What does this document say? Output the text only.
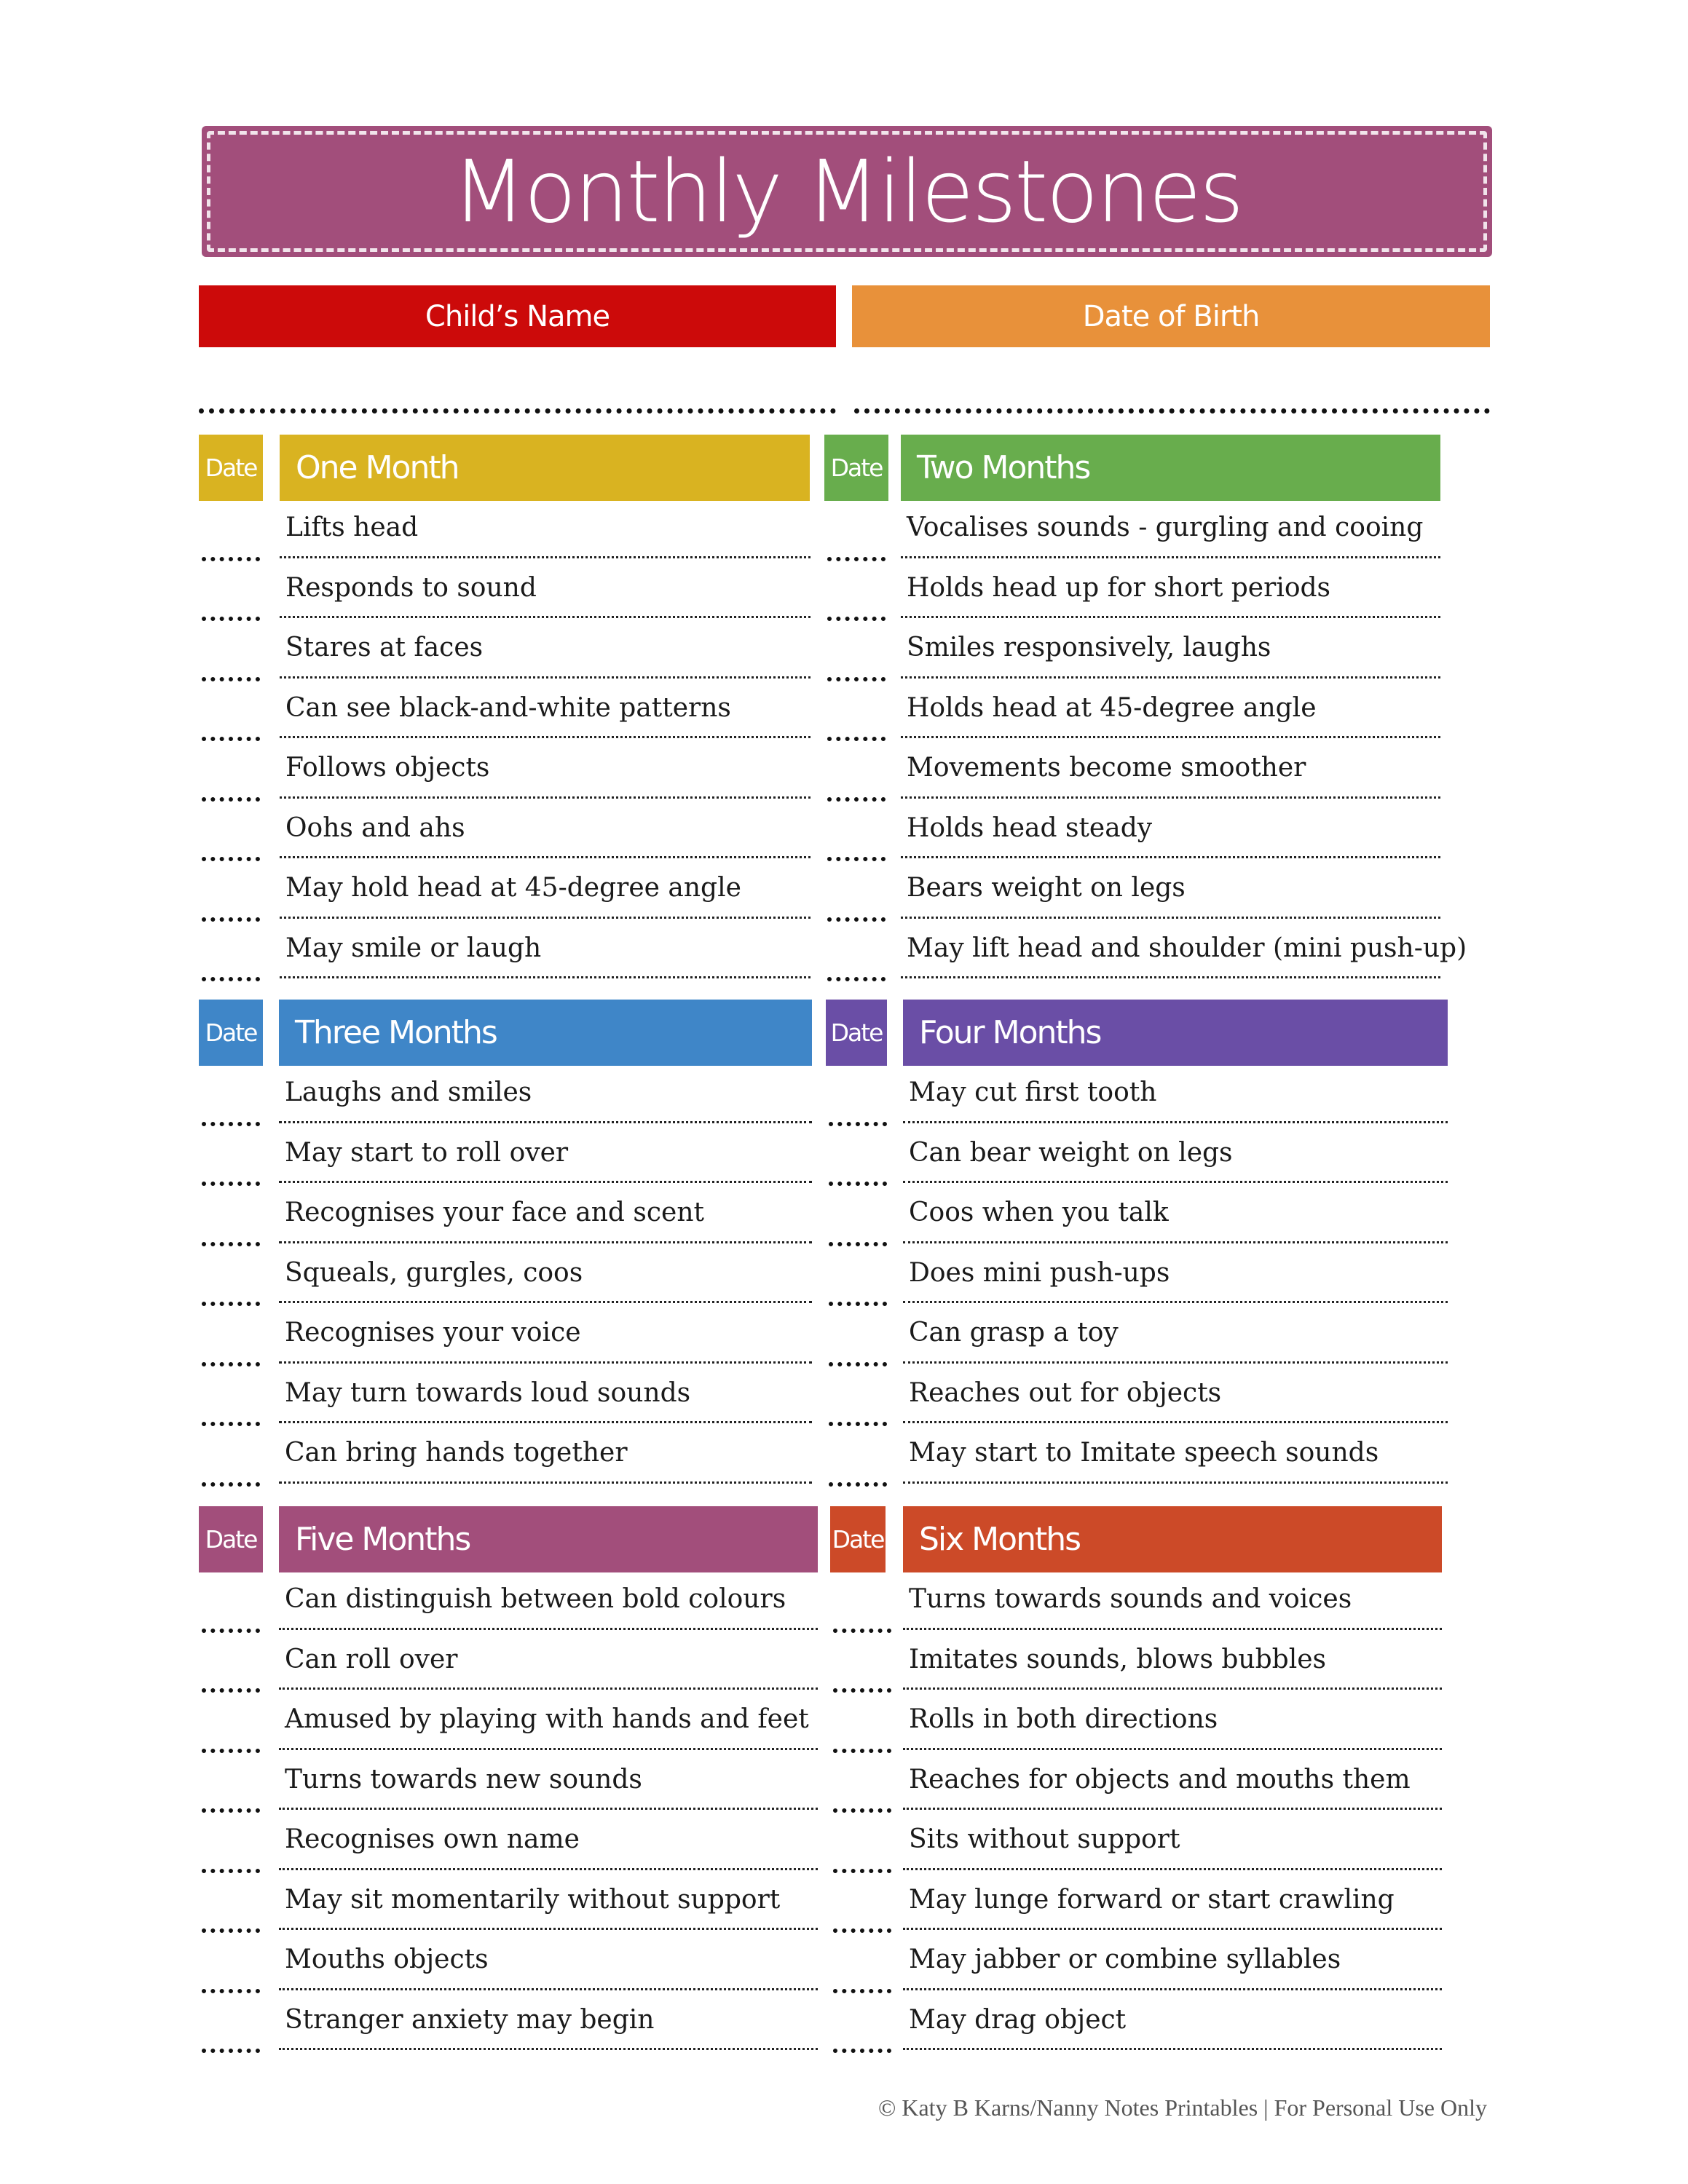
Monthly Milestones
Child’s Name	Date of Birth
Date	One Month
Lifts head
Responds to sound
Stares at faces
Can see black-and-white patterns
Follows objects
Oohs and ahs
May hold head at 45-degree angle
May smile or laugh
Date	Two Months
Vocalises sounds - gurgling and cooing
Holds head up for short periods
Smiles responsively, laughs
Holds head at 45-degree angle
Movements become smoother
Holds head steady
Bears weight on legs
May lift head and shoulder (mini push-up)
Date	Three Months
Laughs and smiles
May start to roll over
Recognises your face and scent
Squeals, gurgles, coos
Recognises your voice
May turn towards loud sounds
Can bring hands together
Date	Four Months
May cut first tooth
Can bear weight on legs
Coos when you talk
Does mini push-ups
Can grasp a toy
Reaches out for objects
May start to Imitate speech sounds
Date	Five Months
Can distinguish between bold colours
Can roll over
Amused by playing with hands and feet
Turns towards new sounds
Recognises own name
May sit momentarily without support
Mouths objects
Stranger anxiety may begin
Date	Six Months
Turns towards sounds and voices
Imitates sounds, blows bubbles
Rolls in both directions
Reaches for objects and mouths them
Sits without support
May lunge forward or start crawling
May jabber or combine syllables
May drag object
© Katy B Karns/Nanny Notes Printables | For Personal Use Only
